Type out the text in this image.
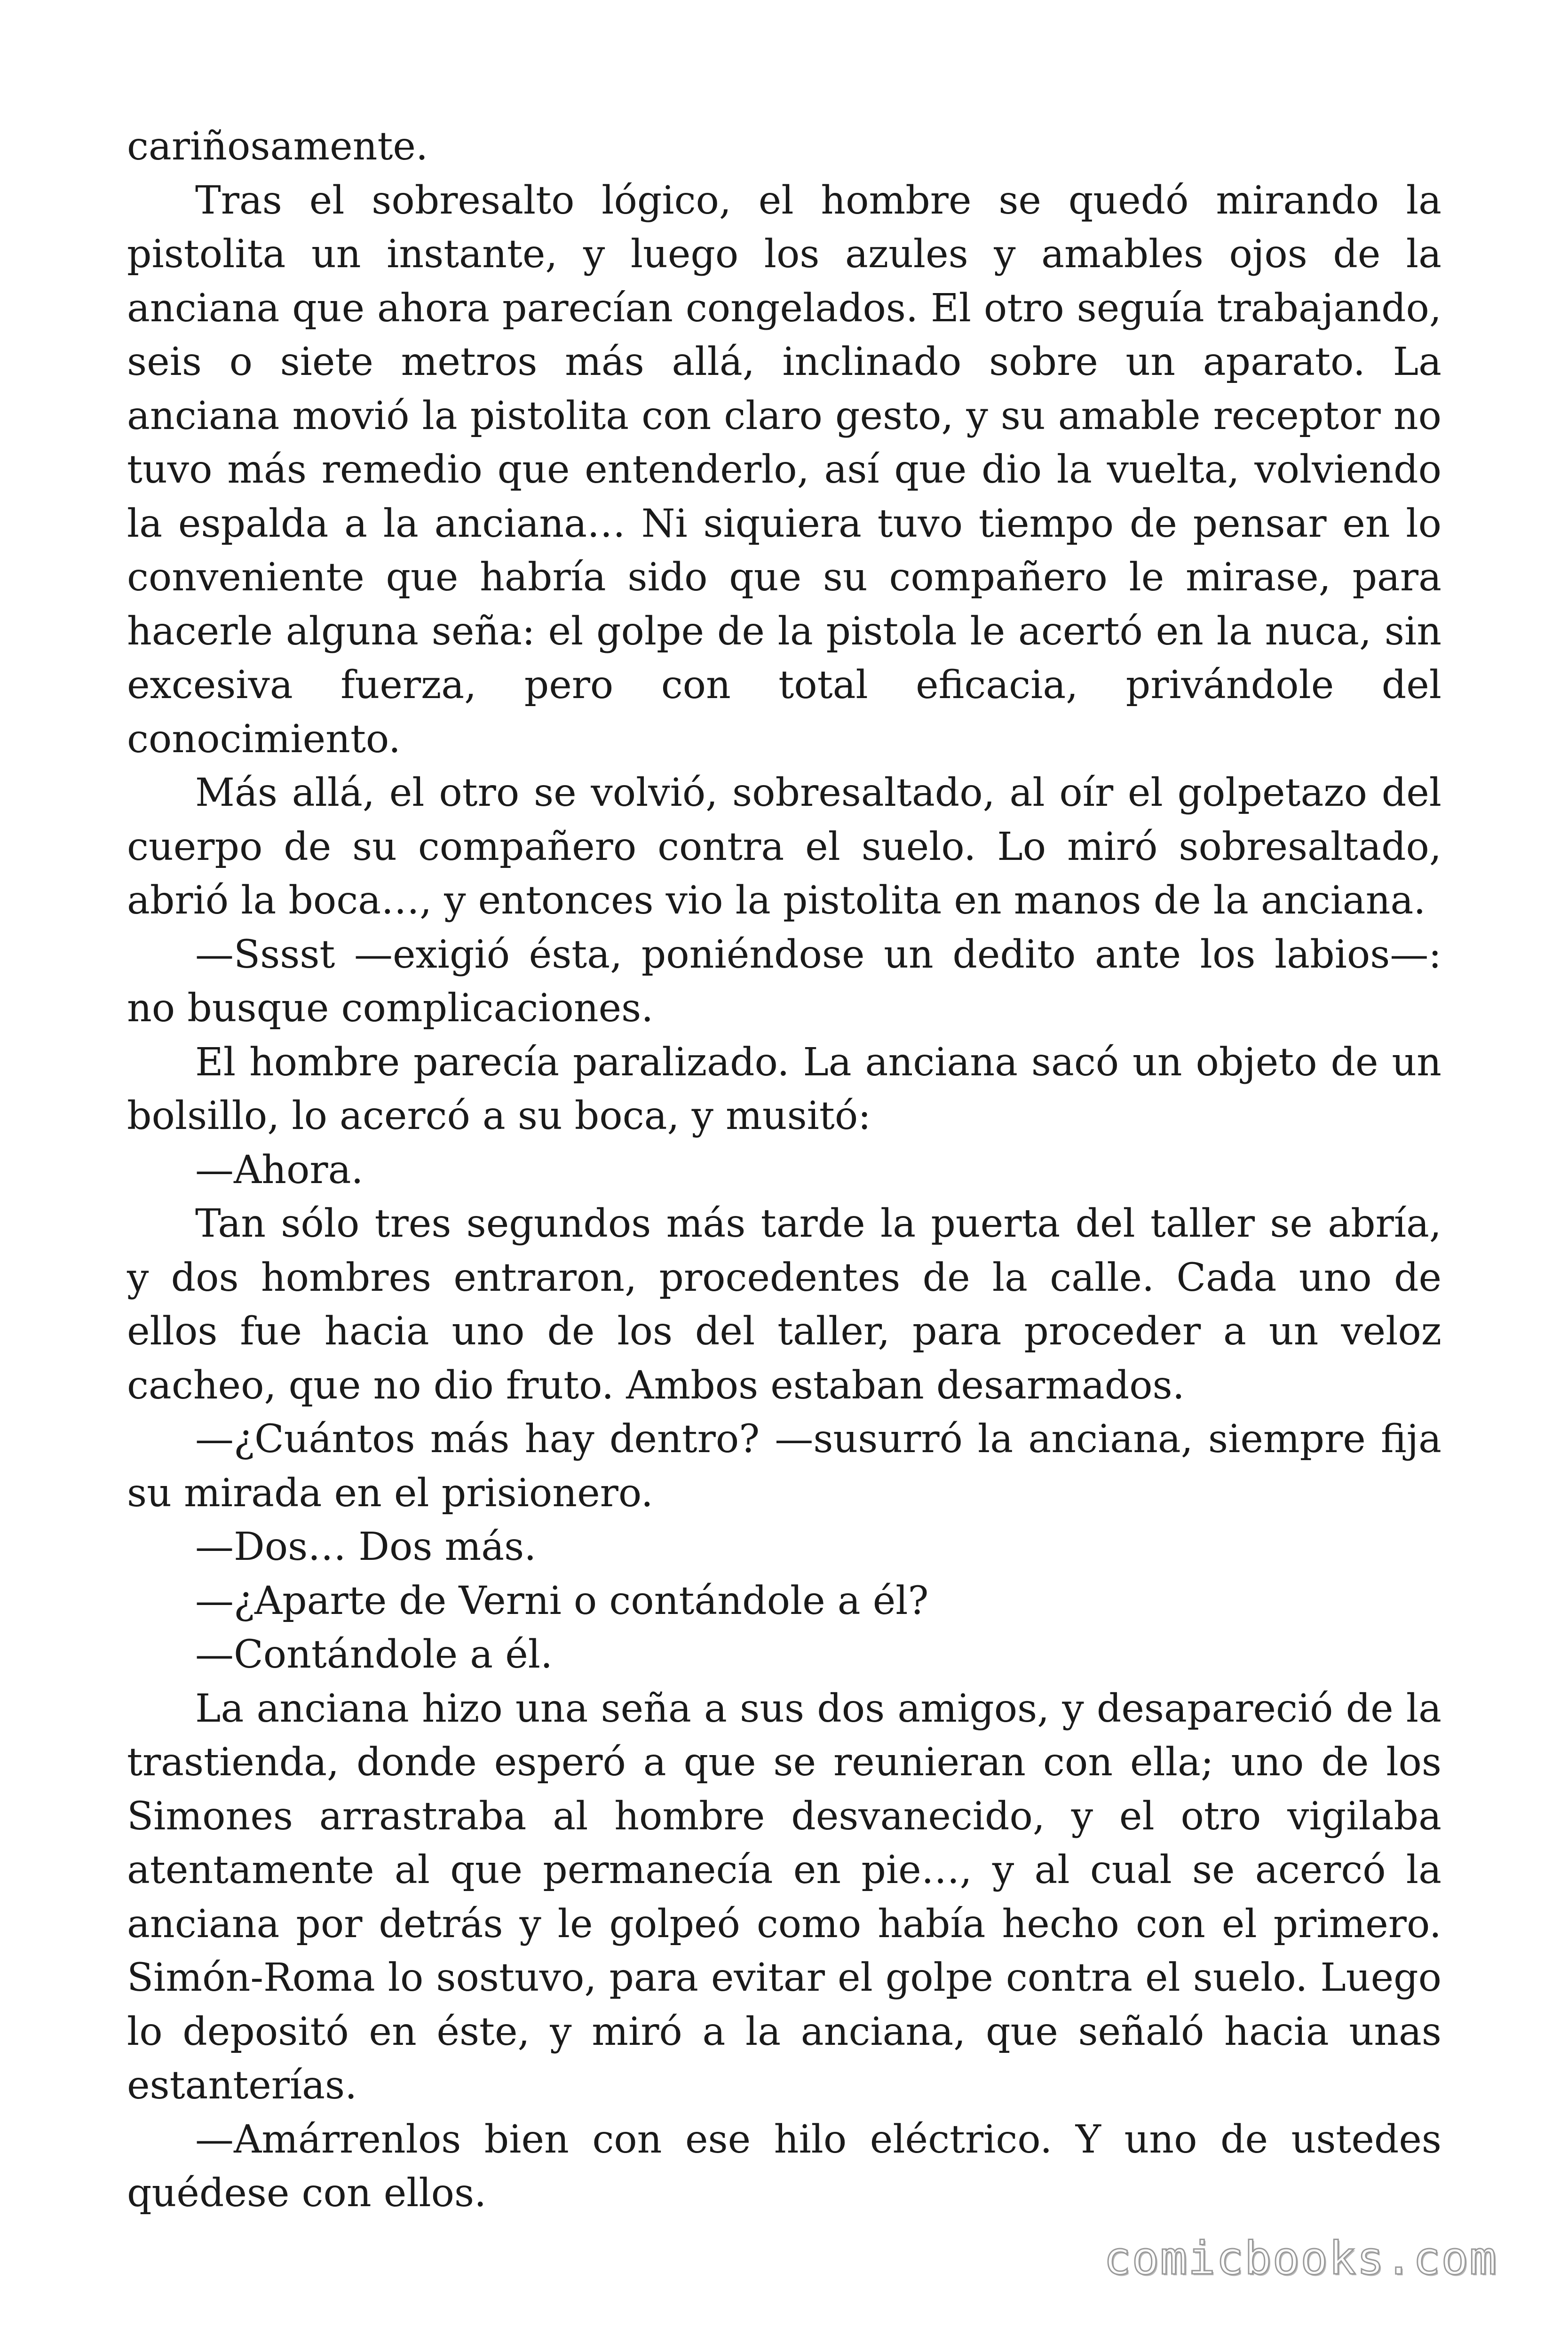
cariñosamente.

Tras el sobresalto lógico, el hombre se quedó mirando la pistolita un instante, y luego los azules y amables ojos de la anciana que ahora parecían congelados. El otro seguía trabajando, seis o siete metros más allá, inclinado sobre un aparato. La anciana movió la pistolita con claro gesto, y su amable receptor no tuvo más remedio que entenderlo, así que dio la vuelta, volviendo la espalda a la anciana… Ni siquiera tuvo tiempo de pensar en lo conveniente que habría sido que su compañero le mirase, para hacerle alguna seña: el golpe de la pistola le acertó en la nuca, sin excesiva fuerza, pero con total eficacia, privándole del conocimiento.

Más allá, el otro se volvió, sobresaltado, al oír el golpetazo del cuerpo de su compañero contra el suelo. Lo miró sobresaltado, abrió la boca…, y entonces vio la pistolita en manos de la anciana.

—Sssst —exigió ésta, poniéndose un dedito ante los labios—: no busque complicaciones.

El hombre parecía paralizado. La anciana sacó un objeto de un bolsillo, lo acercó a su boca, y musitó:

—Ahora.

Tan sólo tres segundos más tarde la puerta del taller se abría, y dos hombres entraron, procedentes de la calle. Cada uno de ellos fue hacia uno de los del taller, para proceder a un veloz cacheo, que no dio fruto. Ambos estaban desarmados.

—¿Cuántos más hay dentro? —susurró la anciana, siempre fija su mirada en el prisionero.

—Dos… Dos más.

—¿Aparte de Verni o contándole a él?

—Contándole a él.

La anciana hizo una seña a sus dos amigos, y desapareció de la trastienda, donde esperó a que se reunieran con ella; uno de los Simones arrastraba al hombre desvanecido, y el otro vigilaba atentamente al que permanecía en pie…, y al cual se acercó la anciana por detrás y le golpeó como había hecho con el primero. Simón-Roma lo sostuvo, para evitar el golpe contra el suelo. Luego lo depositó en éste, y miró a la anciana, que señaló hacia unas estanterías.

—Amárrenlos bien con ese hilo eléctrico. Y uno de ustedes quédese con ellos.

comicbooks.com
